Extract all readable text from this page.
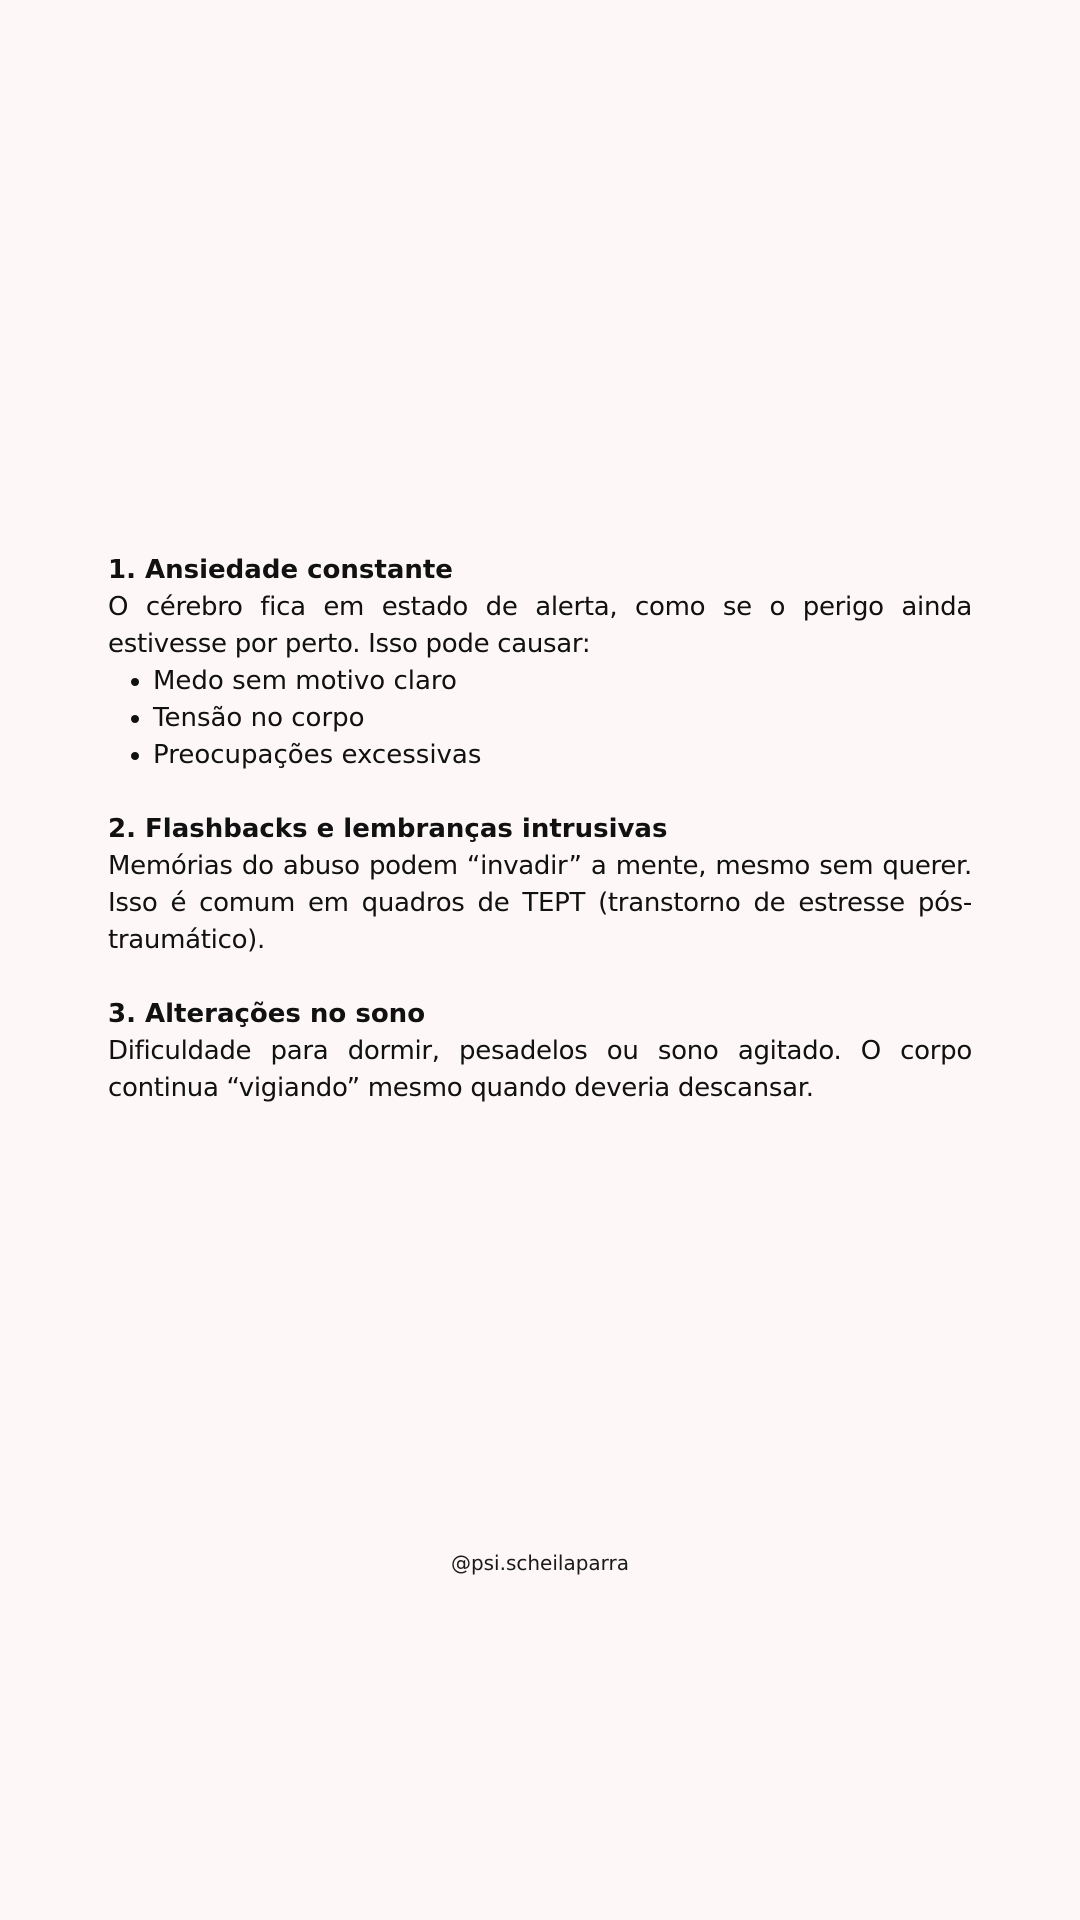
1. Ansiedade constante

O cérebro fica em estado de alerta, como se o perigo ainda estivesse por perto. Isso pode causar:

Medo sem motivo claro
Tensão no corpo
Preocupações excessivas
2. Flashbacks e lembranças intrusivas

Memórias do abuso podem “invadir” a mente, mesmo sem querer. Isso é comum em quadros de TEPT (transtorno de estresse pós-traumático).

3. Alterações no sono

Dificuldade para dormir, pesadelos ou sono agitado. O corpo continua “vigiando” mesmo quando deveria descansar.

@psi.scheilaparra
